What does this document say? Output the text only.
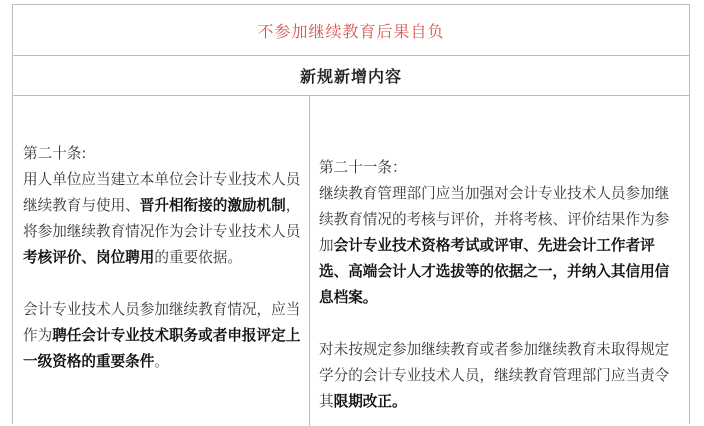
不参加继续教育后果自负
新规新增内容

第二十条:

用人单位应当建立本单位会计专业技术人员继续教育与使用、晋升相衔接的激励机制，将参加继续教育情况作为会计专业技术人员考核评价、岗位聘用的重要依据。

会计专业技术人员参加继续教育情况，应当作为聘任会计专业技术职务或者申报评定上一级资格的重要条件。

第二十一条：

继续教育管理部门应当加强对会计专业技术人员参加继续教育情况的考核与评价，并将考核、评价结果作为参加会计专业技术资格考试或评审、先进会计工作者评选、高端会计人才选拔等的依据之一，并纳入其信用信息档案。

对未按规定参加继续教育或者参加继续教育未取得规定学分的会计专业技术人员，继续教育管理部门应当责令其限期改正。
